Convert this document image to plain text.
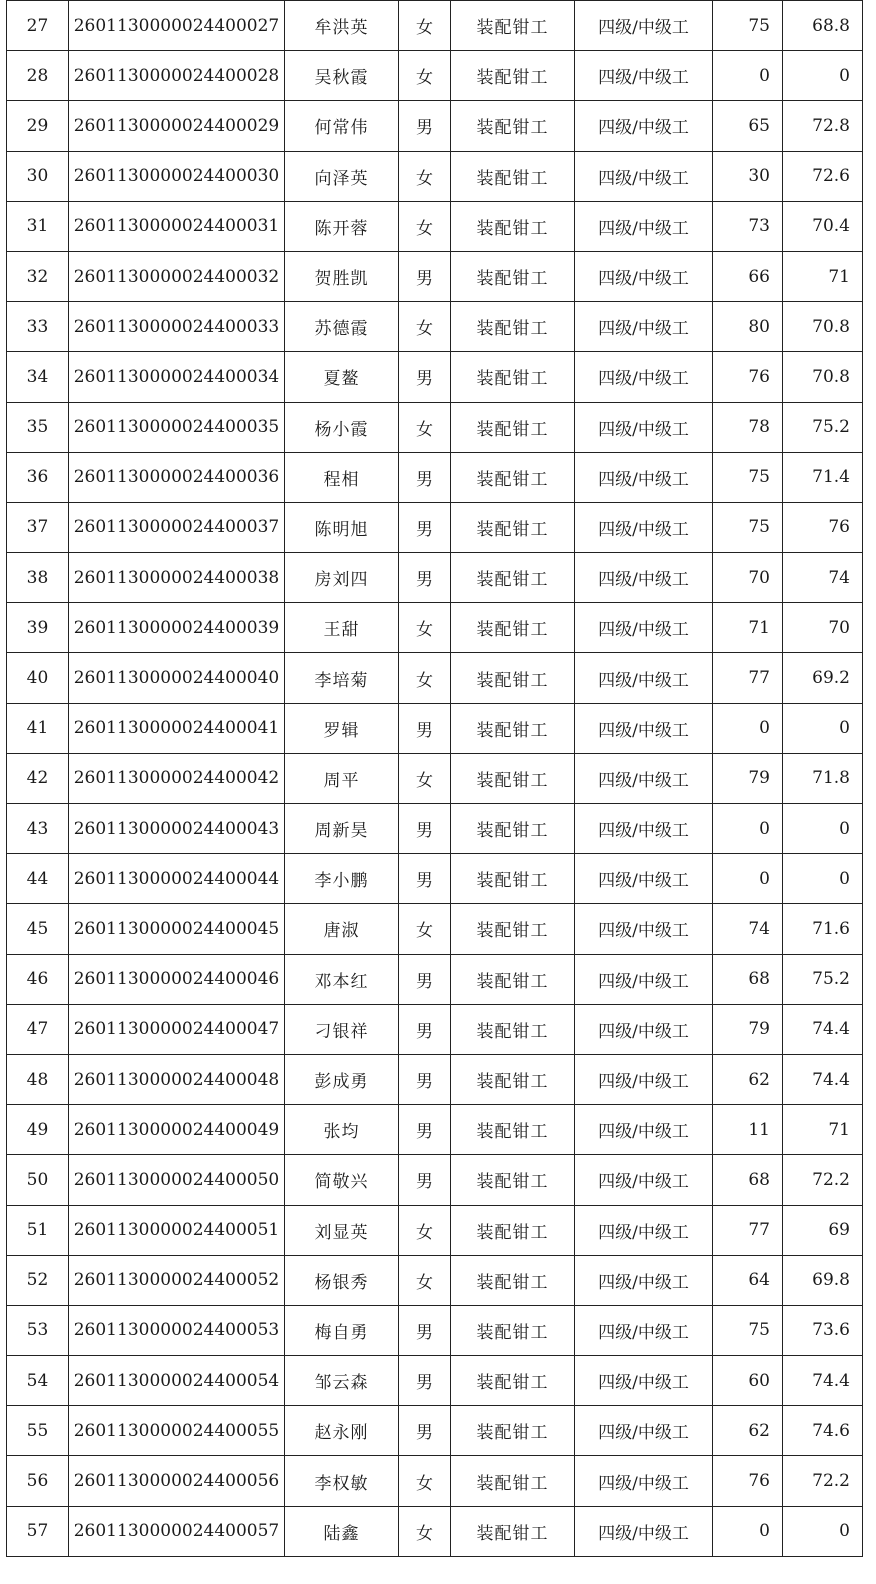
27	2601130000024400027	牟洪英	女	装配钳工	四级/中级工	75	68.8
28	2601130000024400028	吴秋霞	女	装配钳工	四级/中级工	0	0
29	2601130000024400029	何常伟	男	装配钳工	四级/中级工	65	72.8
30	2601130000024400030	向泽英	女	装配钳工	四级/中级工	30	72.6
31	2601130000024400031	陈开蓉	女	装配钳工	四级/中级工	73	70.4
32	2601130000024400032	贺胜凯	男	装配钳工	四级/中级工	66	71
33	2601130000024400033	苏德霞	女	装配钳工	四级/中级工	80	70.8
34	2601130000024400034	夏鳌	男	装配钳工	四级/中级工	76	70.8
35	2601130000024400035	杨小霞	女	装配钳工	四级/中级工	78	75.2
36	2601130000024400036	程相	男	装配钳工	四级/中级工	75	71.4
37	2601130000024400037	陈明旭	男	装配钳工	四级/中级工	75	76
38	2601130000024400038	房刘四	男	装配钳工	四级/中级工	70	74
39	2601130000024400039	王甜	女	装配钳工	四级/中级工	71	70
40	2601130000024400040	李培菊	女	装配钳工	四级/中级工	77	69.2
41	2601130000024400041	罗辑	男	装配钳工	四级/中级工	0	0
42	2601130000024400042	周平	女	装配钳工	四级/中级工	79	71.8
43	2601130000024400043	周新昊	男	装配钳工	四级/中级工	0	0
44	2601130000024400044	李小鹏	男	装配钳工	四级/中级工	0	0
45	2601130000024400045	唐淑	女	装配钳工	四级/中级工	74	71.6
46	2601130000024400046	邓本红	男	装配钳工	四级/中级工	68	75.2
47	2601130000024400047	刁银祥	男	装配钳工	四级/中级工	79	74.4
48	2601130000024400048	彭成勇	男	装配钳工	四级/中级工	62	74.4
49	2601130000024400049	张均	男	装配钳工	四级/中级工	11	71
50	2601130000024400050	简敬兴	男	装配钳工	四级/中级工	68	72.2
51	2601130000024400051	刘显英	女	装配钳工	四级/中级工	77	69
52	2601130000024400052	杨银秀	女	装配钳工	四级/中级工	64	69.8
53	2601130000024400053	梅自勇	男	装配钳工	四级/中级工	75	73.6
54	2601130000024400054	邹云森	男	装配钳工	四级/中级工	60	74.4
55	2601130000024400055	赵永刚	男	装配钳工	四级/中级工	62	74.6
56	2601130000024400056	李权敏	女	装配钳工	四级/中级工	76	72.2
57	2601130000024400057	陆鑫	女	装配钳工	四级/中级工	0	0
